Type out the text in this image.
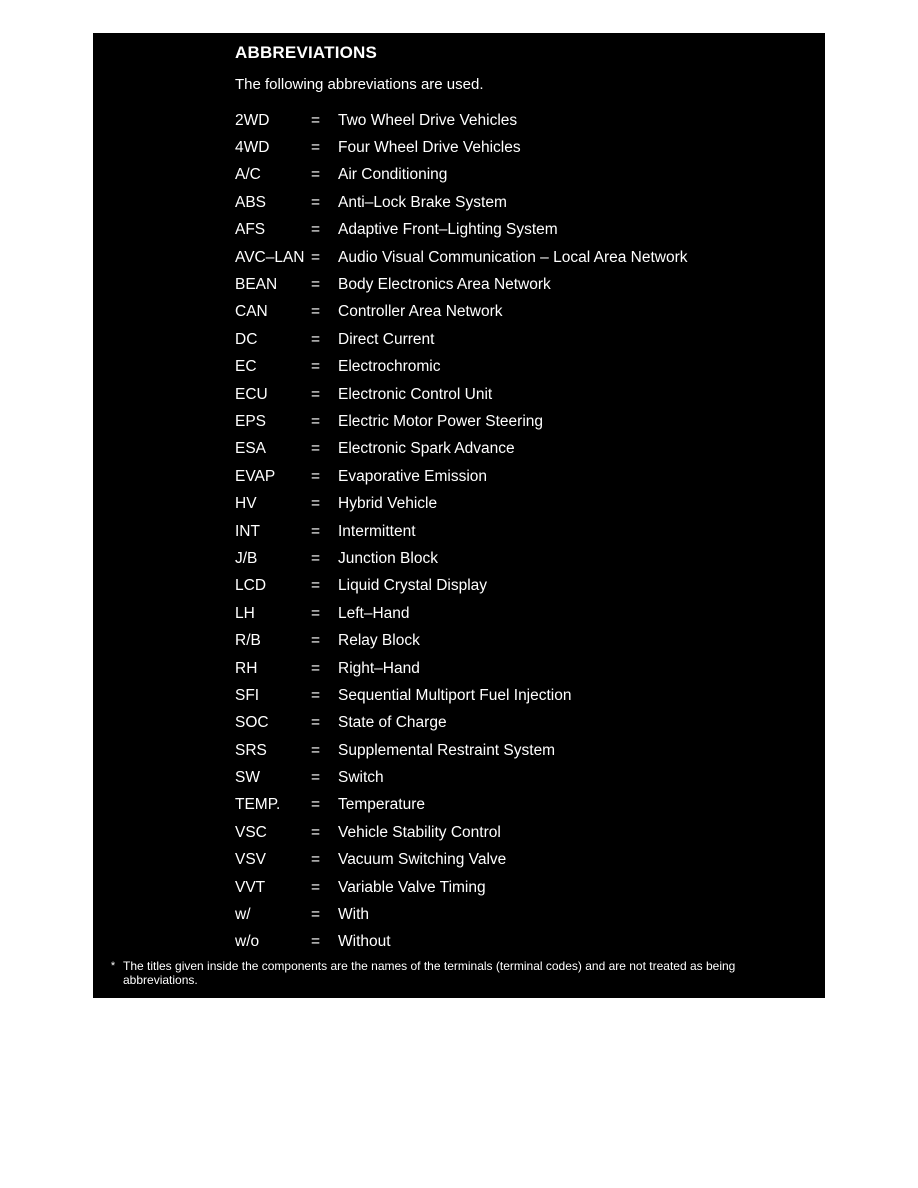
ABBREVIATIONS

The following abbreviations are used.

2WD	=	Two Wheel Drive Vehicles
4WD	=	Four Wheel Drive Vehicles
A/C	=	Air Conditioning
ABS	=	Anti–Lock Brake System
AFS	=	Adaptive Front–Lighting System
AVC–LAN =	Audio Visual Communication – Local Area Network
BEAN	=	Body Electronics Area Network
CAN	=	Controller Area Network
DC	=	Direct Current
EC	=	Electrochromic
ECU	=	Electronic Control Unit
EPS	=	Electric Motor Power Steering
ESA	=	Electronic Spark Advance
EVAP	=	Evaporative Emission
HV	=	Hybrid Vehicle
INT	=	Intermittent
J/B	=	Junction Block
LCD	=	Liquid Crystal Display
LH	=	Left–Hand
R/B	=	Relay Block
RH	=	Right–Hand
SFI	=	Sequential Multiport Fuel Injection
SOC	=	State of Charge
SRS	=	Supplemental Restraint System
SW	=	Switch
TEMP.	=	Temperature
VSC	=	Vehicle Stability Control
VSV	=	Vacuum Switching Valve
VVT	=	Variable Valve Timing
w/	=	With
w/o	=	Without
* The titles given inside the components are the names of the terminals (terminal codes) and are not treated as being abbreviations.
